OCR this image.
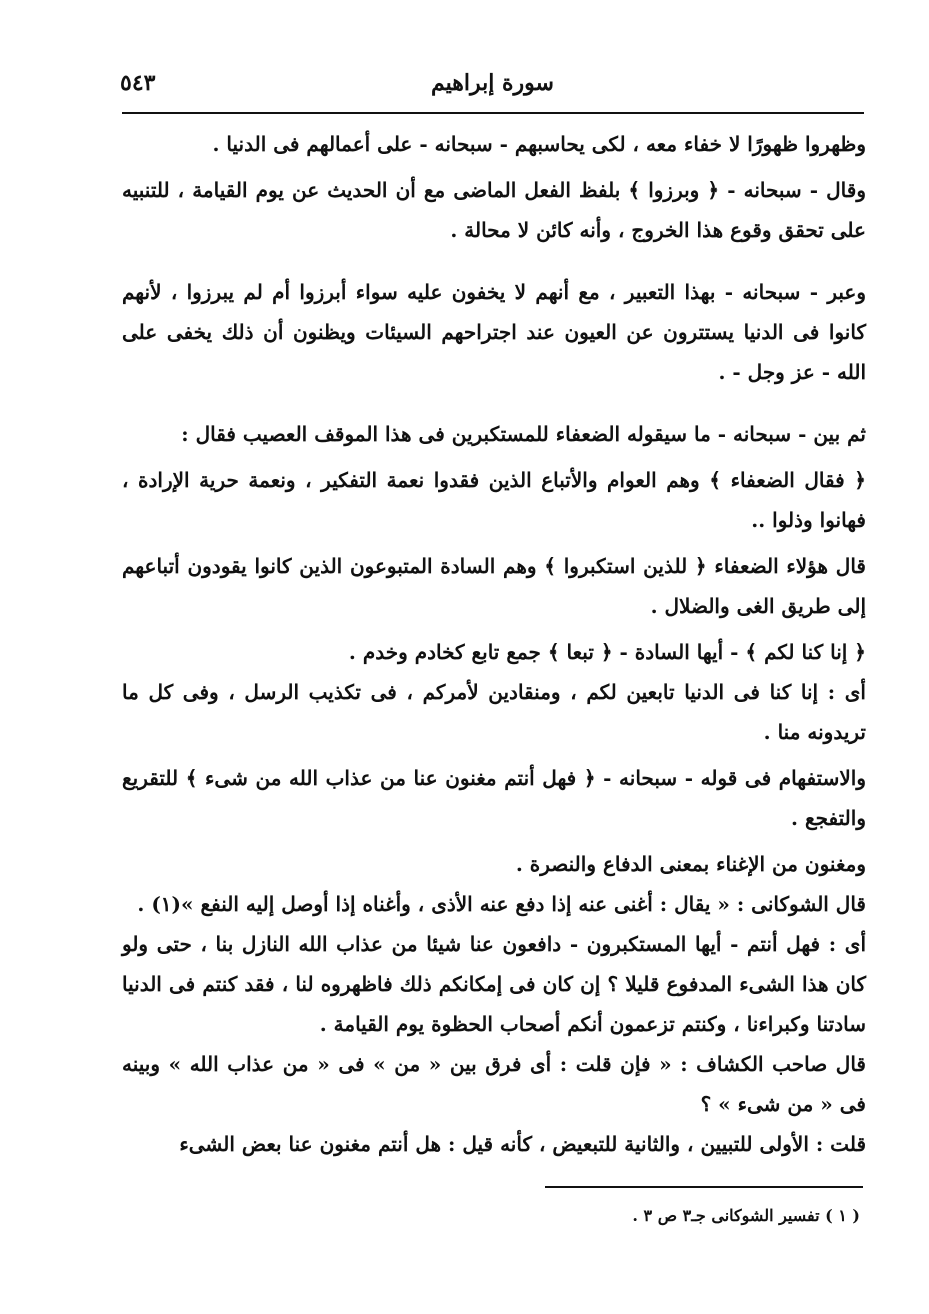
٥٤٣	سورة إبراهيم

وظهروا ظهورًا لا خفاء معه ، لكى يحاسبهم - سبحانه - على أعمالهم فى الدنيا .

وقال - سبحانه - ﴿ وبرزوا ﴾ بلفظ الفعل الماضى مع أن الحديث عن يوم القيامة ، للتنبيه على تحقق وقوع هذا الخروج ، وأنه كائن لا محالة .

وعبر - سبحانه - بهذا التعبير ، مع أنهم لا يخفون عليه سواء أبرزوا أم لم يبرزوا ، لأنهم كانوا فى الدنيا يستترون عن العيون عند اجتراحهم السيئات ويظنون أن ذلك يخفى على الله - عز وجل - .

ثم بين - سبحانه - ما سيقوله الضعفاء للمستكبرين فى هذا الموقف العصيب فقال :

﴿ فقال الضعفاء ﴾ وهم العوام والأتباع الذين فقدوا نعمة التفكير ، ونعمة حرية الإرادة ، فهانوا وذلوا ..

قال هؤلاء الضعفاء ﴿ للذين استكبروا ﴾ وهم السادة المتبوعون الذين كانوا يقودون أتباعهم إلى طريق الغى والضلال .

﴿ إنا كنا لكم ﴾ - أيها السادة - ﴿ تبعا ﴾ جمع تابع كخادم وخدم .

أى : إنا كنا فى الدنيا تابعين لكم ، ومنقادين لأمركم ، فى تكذيب الرسل ، وفى كل ما تريدونه منا .

والاستفهام فى قوله - سبحانه - ﴿ فهل أنتم مغنون عنا من عذاب الله من شىء ﴾ للتقريع والتفجع .

ومغنون من الإغناء بمعنى الدفاع والنصرة .

قال الشوكانى : « يقال : أغنى عنه إذا دفع عنه الأذى ، وأغناه إذا أوصل إليه النفع »(١) .

أى : فهل أنتم - أيها المستكبرون - دافعون عنا شيئا من عذاب الله النازل بنا ، حتى ولو كان هذا الشىء المدفوع قليلا ؟ إن كان فى إمكانكم ذلك فاظهروه لنا ، فقد كنتم فى الدنيا سادتنا وكبراءنا ، وكنتم تزعمون أنكم أصحاب الحظوة يوم القيامة .

قال صاحب الكشاف : « فإن قلت : أى فرق بين « من » فى « من عذاب الله » وبينه فى « من شىء » ؟

قلت : الأولى للتبيين ، والثانية للتبعيض ، كأنه قيل : هل أنتم مغنون عنا بعض الشىء

( ١ ) تفسير الشوكانى جـ٣ ص ٣ .
